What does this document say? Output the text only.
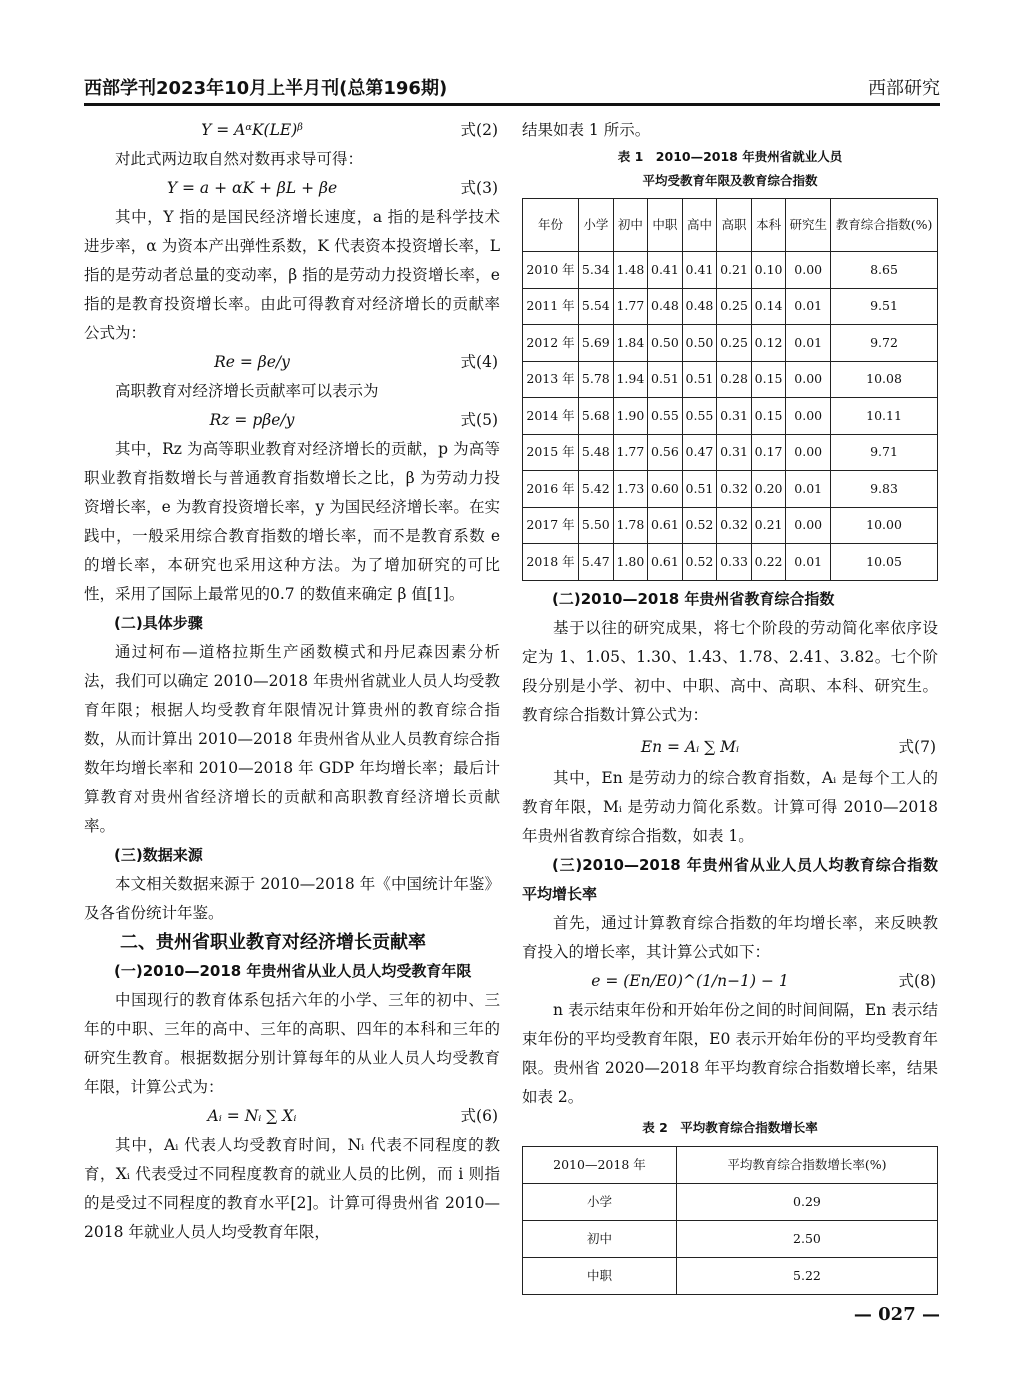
西部学刊2023年10月上半月刊(总第196期)	西部研究
Y = AᵅK(LE)ᵝ	式(2)

对此式两边取自然对数再求导可得：

Y = a + αK + βL + βe	式(3)

其中，Y 指的是国民经济增长速度，a 指的是科学技术进步率，α 为资本产出弹性系数，K 代表资本投资增长率，L 指的是劳动者总量的变动率，β 指的是劳动力投资增长率，e 指的是教育投资增长率。由此可得教育对经济增长的贡献率公式为：

Re = βe/y	式(4)

高职教育对经济增长贡献率可以表示为

Rz = pβe/y	式(5)

其中，Rz 为高等职业教育对经济增长的贡献，p 为高等职业教育指数增长与普通教育指数增长之比，β 为劳动力投资增长率，e 为教育投资增长率，y 为国民经济增长率。在实践中，一般采用综合教育指数的增长率，而不是教育系数 e 的增长率，本研究也采用这种方法。为了增加研究的可比性，采用了国际上最常见的0.7 的数值来确定 β 值[1]。

(二)具体步骤

通过柯布—道格拉斯生产函数模式和丹尼森因素分析法，我们可以确定 2010—2018 年贵州省就业人员人均受教育年限；根据人均受教育年限情况计算贵州的教育综合指数，从而计算出 2010—2018 年贵州省从业人员教育综合指数年均增长率和 2010—2018 年 GDP 年均增长率；最后计算教育对贵州省经济增长的贡献和高职教育经济增长贡献率。

(三)数据来源

本文相关数据来源于 2010—2018 年《中国统计年鉴》及各省份统计年鉴。

二、贵州省职业教育对经济增长贡献率

(一)2010—2018 年贵州省从业人员人均受教育年限

中国现行的教育体系包括六年的小学、三年的初中、三年的中职、三年的高中、三年的高职、四年的本科和三年的研究生教育。根据数据分别计算每年的从业人员人均受教育年限，计算公式为：

Aᵢ = Nᵢ ∑ Xᵢ	式(6)

其中，Aᵢ 代表人均受教育时间，Nᵢ 代表不同程度的教育，Xᵢ 代表受过不同程度教育的就业人员的比例，而 i 则指的是受过不同程度的教育水平[2]。计算可得贵州省 2010—2018 年就业人员人均受教育年限，

结果如表 1 所示。

表 1　2010—2018 年贵州省就业人员
平均受教育年限及教育综合指数
年份	小学	初中	中职	高中	高职	本科	研究生	教育综合指数(%)
2010 年	5.34	1.48	0.41	0.41	0.21	0.10	0.00	8.65
2011 年	5.54	1.77	0.48	0.48	0.25	0.14	0.01	9.51
2012 年	5.69	1.84	0.50	0.50	0.25	0.12	0.01	9.72
2013 年	5.78	1.94	0.51	0.51	0.28	0.15	0.00	10.08
2014 年	5.68	1.90	0.55	0.55	0.31	0.15	0.00	10.11
2015 年	5.48	1.77	0.56	0.47	0.31	0.17	0.00	9.71
2016 年	5.42	1.73	0.60	0.51	0.32	0.20	0.01	9.83
2017 年	5.50	1.78	0.61	0.52	0.32	0.21	0.00	10.00
2018 年	5.47	1.80	0.61	0.52	0.33	0.22	0.01	10.05

(二)2010—2018 年贵州省教育综合指数

基于以往的研究成果，将七个阶段的劳动简化率依序设定为 1、1.05、1.30、1.43、1.78、2.41、3.82。七个阶段分别是小学、初中、中职、高中、高职、本科、研究生。教育综合指数计算公式为：

En = Aᵢ ∑ Mᵢ	式(7)

其中，En 是劳动力的综合教育指数，Aᵢ 是每个工人的教育年限，Mᵢ 是劳动力简化系数。计算可得 2010—2018 年贵州省教育综合指数，如表 1。

(三)2010—2018 年贵州省从业人员人均教育综合指数平均增长率

首先，通过计算教育综合指数的年均增长率，来反映教育投入的增长率，其计算公式如下：

e = (En/E0)^(1/n−1) − 1	式(8)

n 表示结束年份和开始年份之间的时间间隔，En 表示结束年份的平均受教育年限，E0 表示开始年份的平均受教育年限。贵州省 2020—2018 年平均教育综合指数增长率，结果如表 2。

表 2　平均教育综合指数增长率
2010—2018 年	平均教育综合指数增长率(%)
小学	0.29
初中	2.50
中职	5.22
— 027 —
